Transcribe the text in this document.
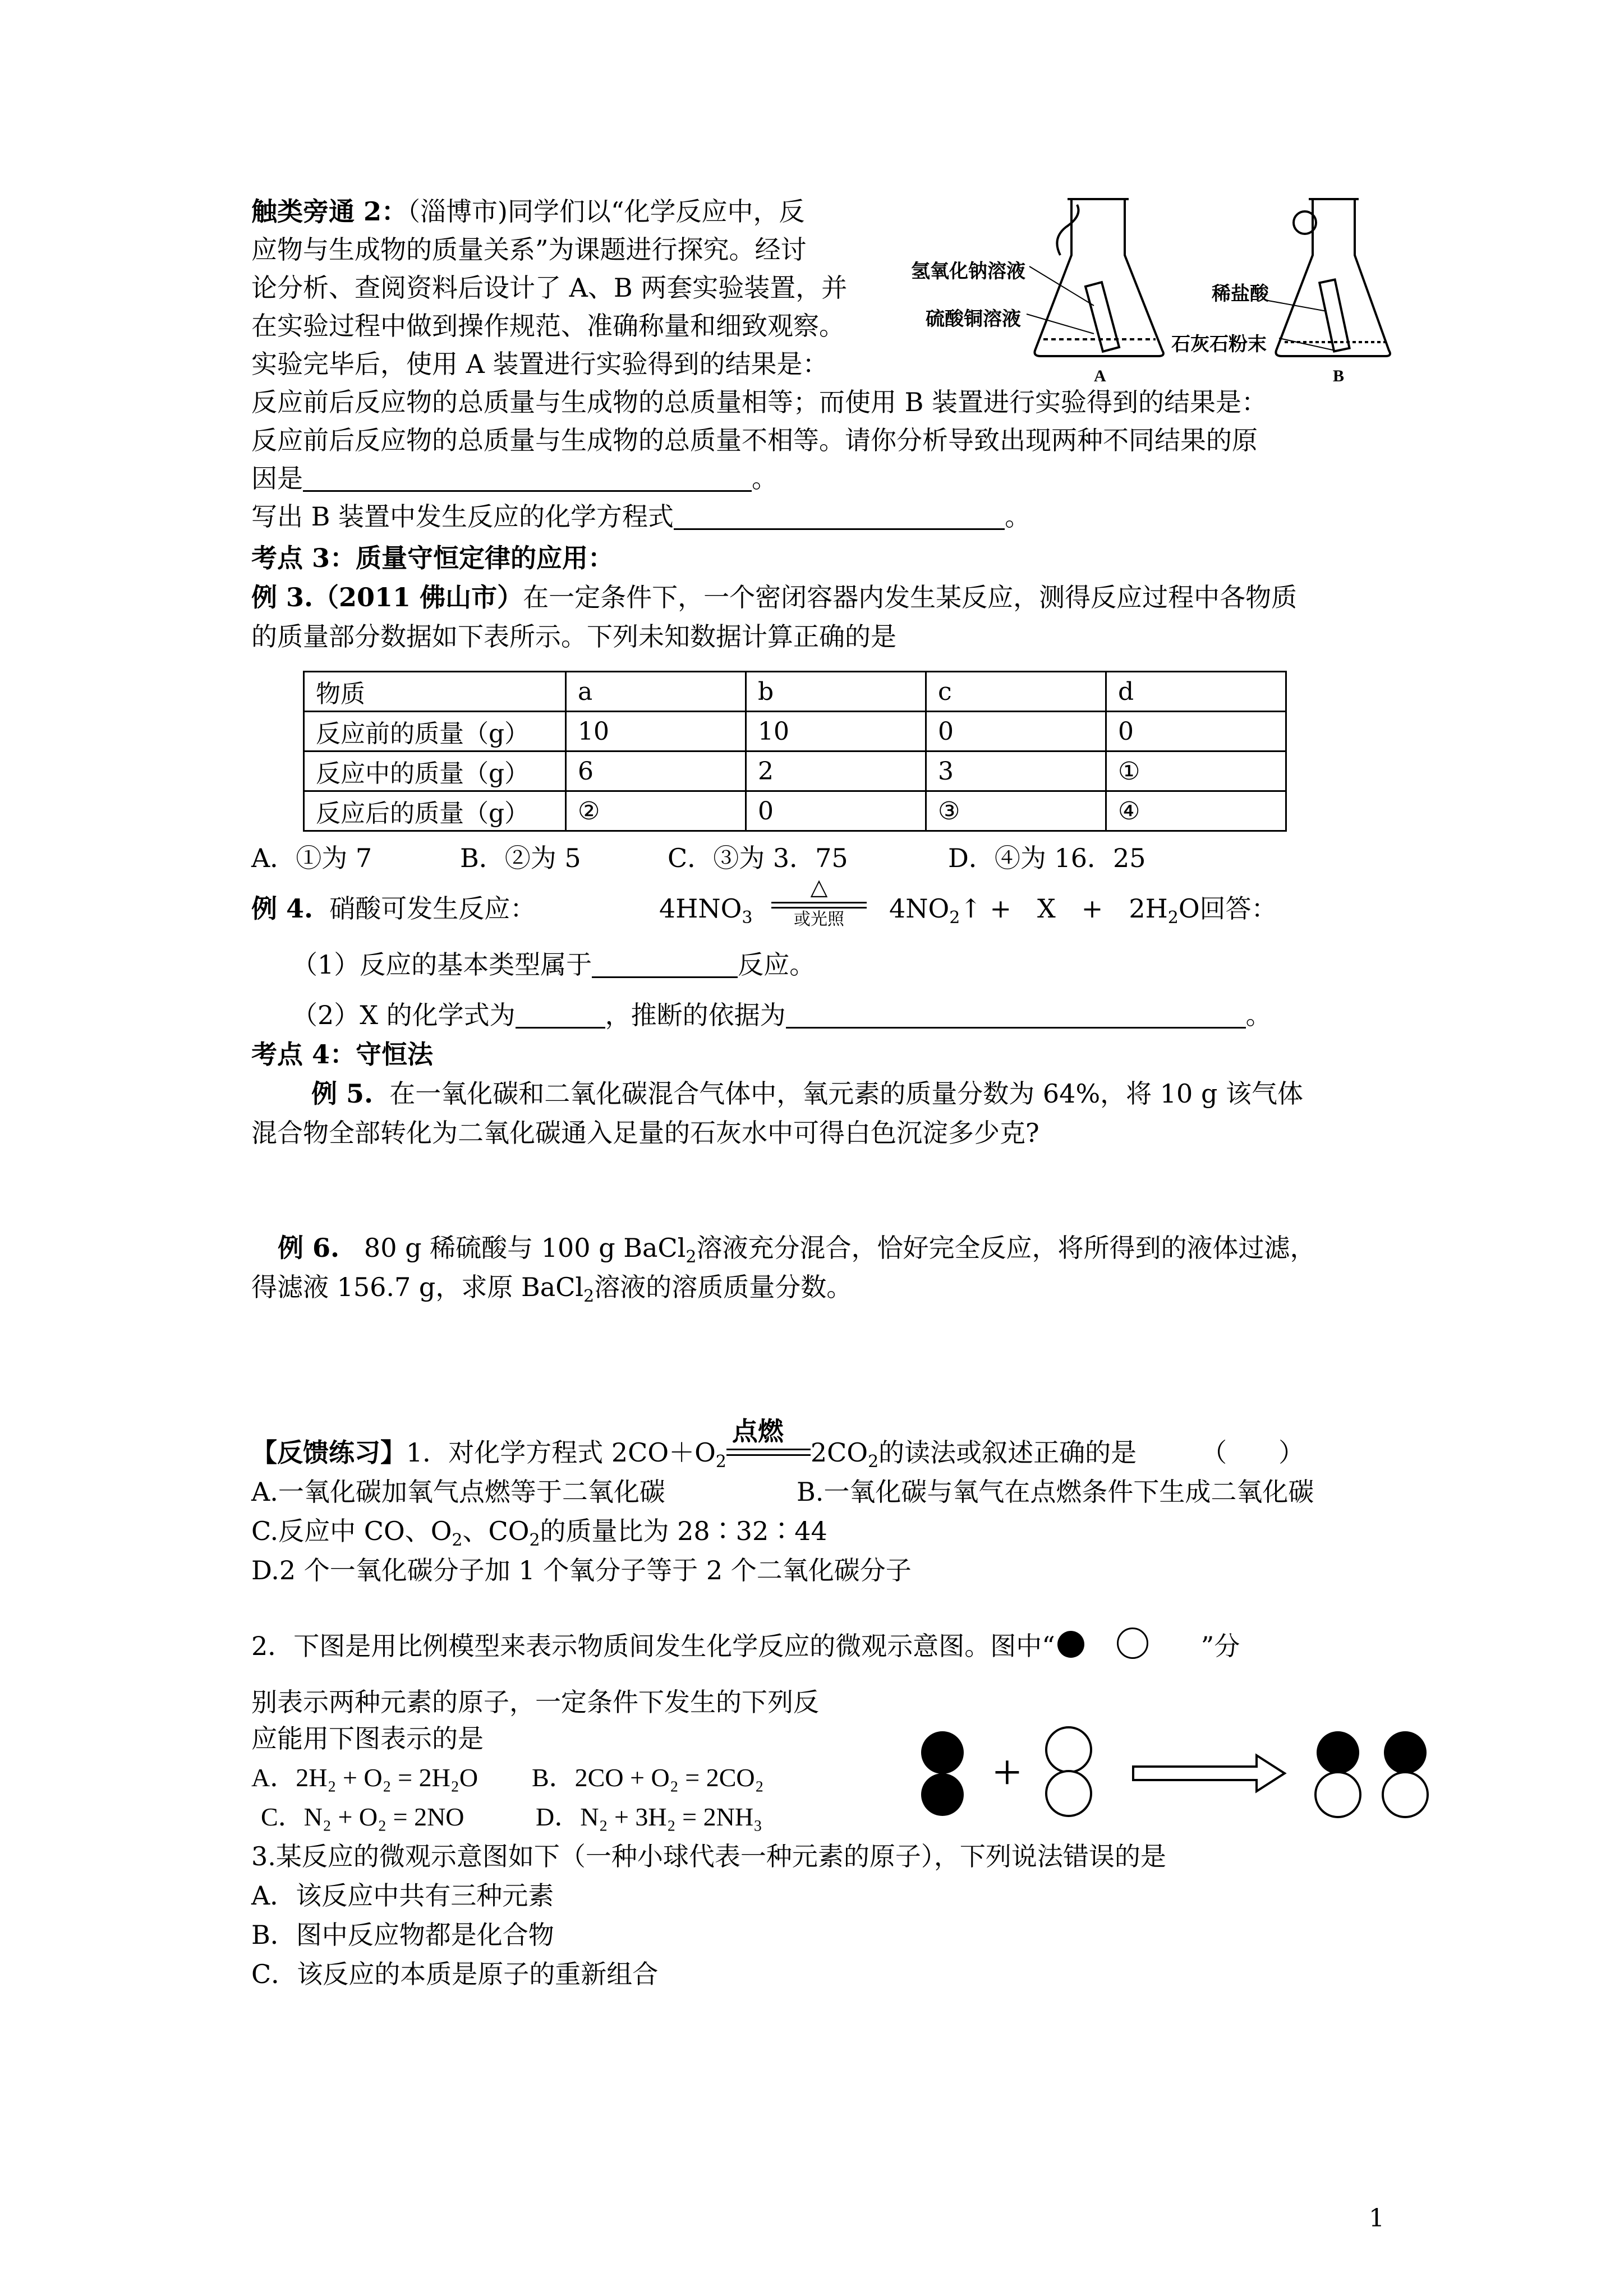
触类旁通 2：（淄博市)同学们以“化学反应中，反
应物与生成物的质量关系”为课题进行探究。经讨
论分析、查阅资料后设计了 A、B 两套实验装置，并
在实验过程中做到操作规范、准确称量和细致观察。
实验完毕后，使用 A 装置进行实验得到的结果是：
反应前后反应物的总质量与生成物的总质量相等；而使用 B 装置进行实验得到的结果是：
反应前后反应物的总质量与生成物的总质量不相等。请你分析导致出现两种不同结果的原
因是	。
写出 B 装置中发生反应的化学方程式	。
氢氧化钠溶液
硫酸铜溶液
稀盐酸
石灰石粉末
A	B
考点 3：质量守恒定律的应用：
例 3.（2011 佛山市）在一定条件下，一个密闭容器内发生某反应，测得反应过程中各物质
的质量部分数据如下表所示。下列未知数据计算正确的是
物质	a	b	c	d
反应前的质量（g）	10	10	0	0
反应中的质量（g）	6	2	3	①
反应后的质量（g）	②	0	③	④
A．①为 7	B．②为 5	C．③为 3．75	D．④为 16．25
例 4. 硝酸可发生反应：	$4HNO_3$
△
或光照	$4NO_2↑$ +　X　+　$2H_2O$回答：
（1）反应的基本类型属于	反应。
（2）X 的化学式为	，推断的依据为	。
考点 4：守恒法
例 5. 在一氧化碳和二氧化碳混合气体中，氧元素的质量分数为 64%，将 10 g 该气体
混合物全部转化为二氧化碳通入足量的石灰水中可得白色沉淀多少克?
例 6. 80 g 稀硫酸与 100 g BaCl$_2$溶液充分混合，恰好完全反应，将所得到的液体过滤，
得滤液 156.7 g，求原 BaCl$_2$溶液的溶质质量分数。
【反馈练习】1．对化学方程式 $2CO+O_2$
点燃
$2CO_2$的读法或叙述正确的是　　　（　　）
A.一氧化碳加氧气点燃等于二氧化碳	B.一氧化碳与氧气在点燃条件下生成二氧化碳
C.反应中 CO、$O_2$、$CO_2$的质量比为 28∶32∶44
D.2 个一氧化碳分子加 1 个氧分子等于 2 个二氧化碳分子
2．下图是用比例模型来表示物质间发生化学反应的微观示意图。图中“	”分
别表示两种元素的原子，一定条件下发生的下列反
应能用下图表示的是
A．2H₂ + O₂ = 2H₂O B．2CO + O₂ = 2CO₂
C．N₂ + O₂ = 2NO	D．N₂ + 3H₂ = 2NH₃
+
3.某反应的微观示意图如下（一种小球代表一种元素的原子），下列说法错误的是
A．该反应中共有三种元素
B．图中反应物都是化合物
C．该反应的本质是原子的重新组合
1
